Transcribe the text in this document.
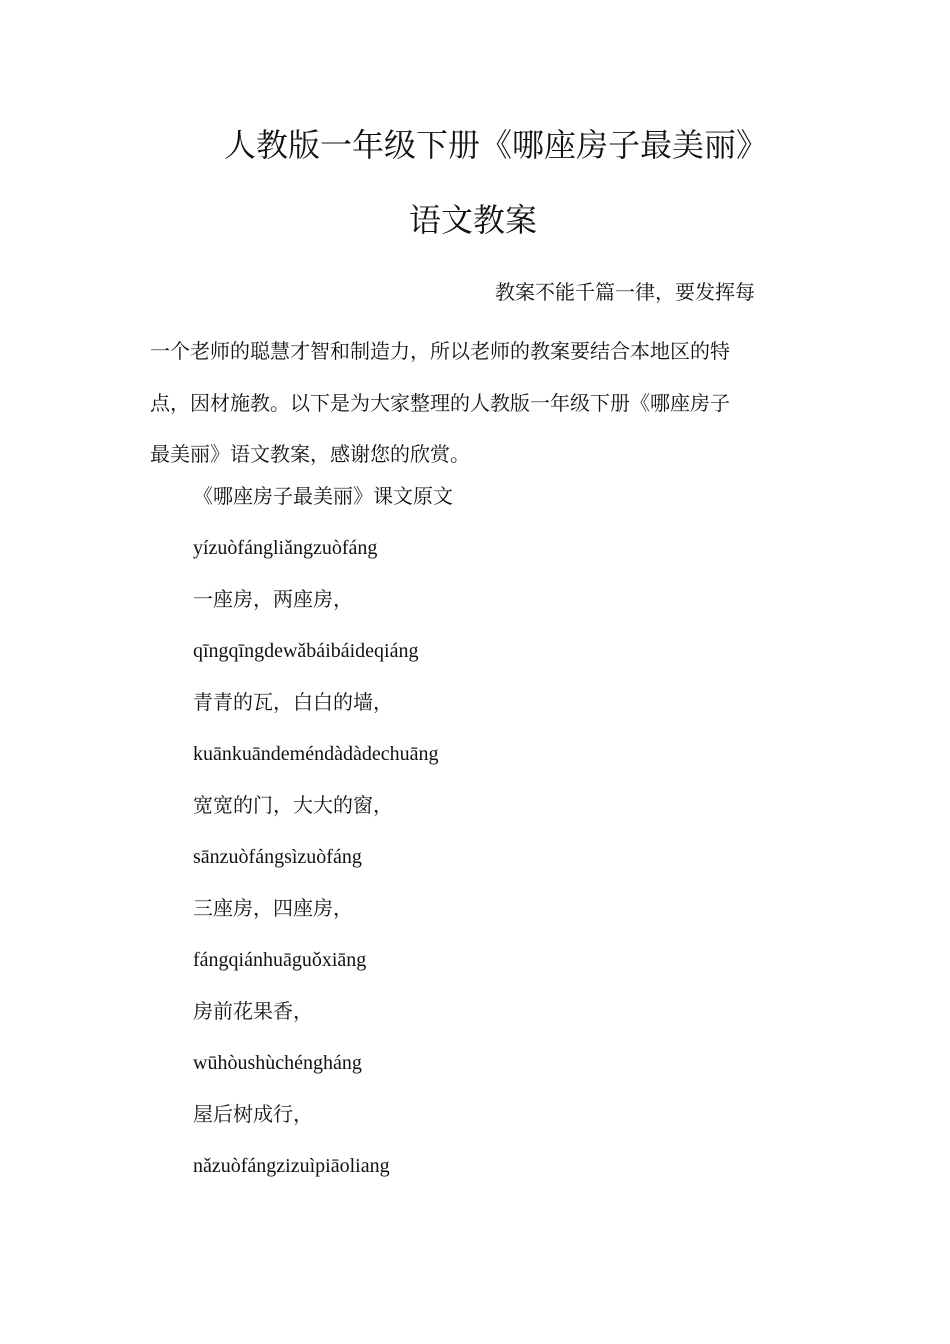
人教版一年级下册《哪座房子最美丽》
语文教案
教案不能千篇一律，要发挥每
一个老师的聪慧才智和制造力，所以老师的教案要结合本地区的特
点，因材施教。以下是为大家整理的人教版一年级下册《哪座房子
最美丽》语文教案，感谢您的欣赏。
《哪座房子最美丽》课文原文
yízuòfángliǎngzuòfáng
一座房，两座房，
qīngqīngdewǎbáibáideqiáng
青青的瓦，白白的墙，
kuānkuāndeméndàdàdechuāng
宽宽的门，大大的窗，
sānzuòfángsìzuòfáng
三座房，四座房，
fángqiánhuāguǒxiāng
房前花果香，
wūhòushùchéngháng
屋后树成行，
nǎzuòfángzizuìpiāoliang
